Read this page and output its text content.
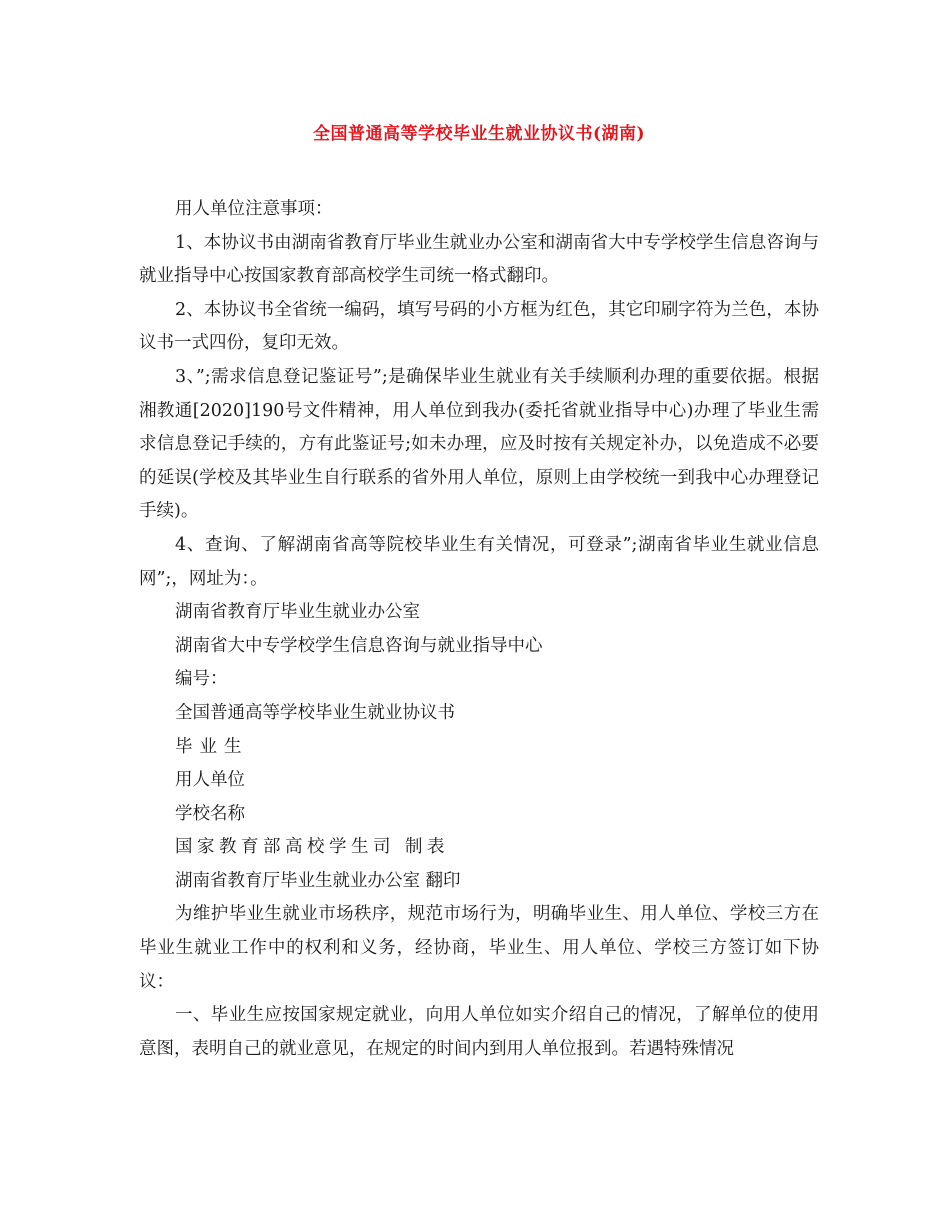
全国普通高等学校毕业生就业协议书(湖南)

用人单位注意事项：

1、本协议书由湖南省教育厅毕业生就业办公室和湖南省大中专学校学生信息咨询与就业指导中心按国家教育部高校学生司统一格式翻印。

2、本协议书全省统一编码，填写号码的小方框为红色，其它印刷字符为兰色，本协议书一式四份，复印无效。

3、”;需求信息登记鉴证号”;是确保毕业生就业有关手续顺利办理的重要依据。根据湘教通[2020]190号文件精神，用人单位到我办(委托省就业指导中心)办理了毕业生需求信息登记手续的，方有此鉴证号;如未办理，应及时按有关规定补办，以免造成不必要的延误(学校及其毕业生自行联系的省外用人单位，原则上由学校统一到我中心办理登记手续)。

4、查询、了解湖南省高等院校毕业生有关情况，可登录”;湖南省毕业生就业信息网”;，网址为：。

湖南省教育厅毕业生就业办公室

湖南省大中专学校学生信息咨询与就业指导中心

编号：

全国普通高等学校毕业生就业协议书

毕业生

用人单位

学校名称

国家教育部高校学生司 制表

湖南省教育厅毕业生就业办公室 翻印

为维护毕业生就业市场秩序，规范市场行为，明确毕业生、用人单位、学校三方在毕业生就业工作中的权利和义务，经协商，毕业生、用人单位、学校三方签订如下协议：

一、毕业生应按国家规定就业，向用人单位如实介绍自己的情况，了解单位的使用意图，表明自己的就业意见，在规定的时间内到用人单位报到。若遇特殊情况
